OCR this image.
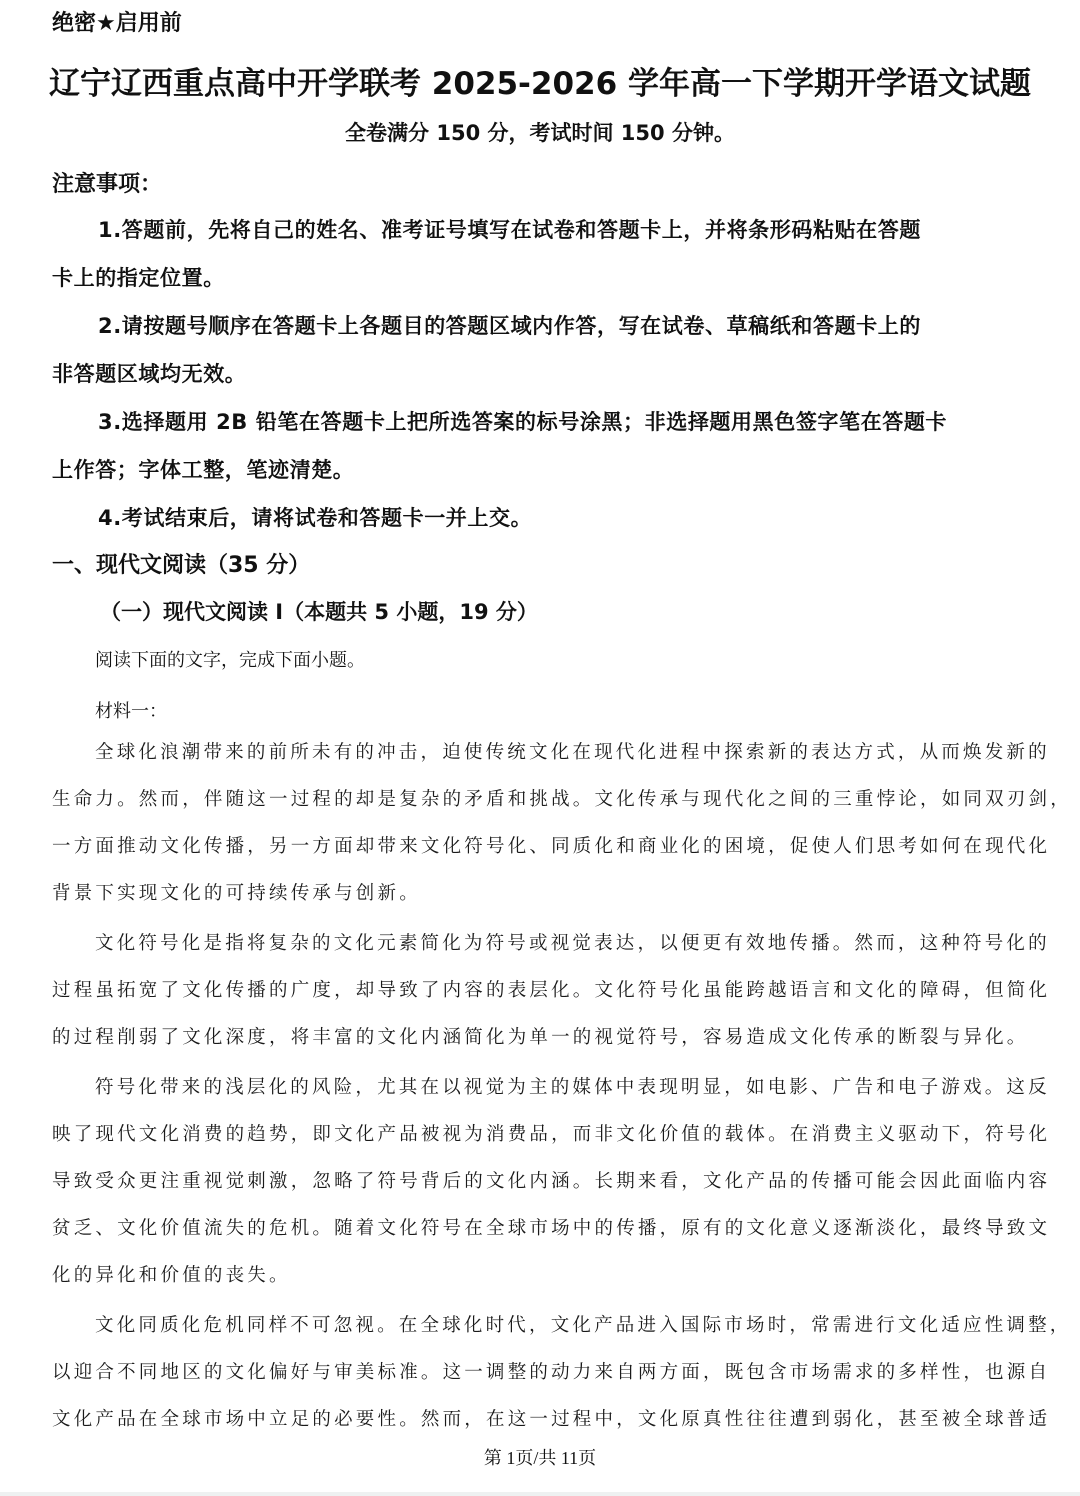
绝密★启用前
辽宁辽西重点高中开学联考 2025-2026 学年高一下学期开学语文试题
全卷满分 150 分，考试时间 150 分钟。
注意事项：
1.答题前，先将自己的姓名、准考证号填写在试卷和答题卡上，并将条形码粘贴在答题
卡上的指定位置。
2.请按题号顺序在答题卡上各题目的答题区域内作答，写在试卷、草稿纸和答题卡上的
非答题区域均无效。
3.选择题用 2B 铅笔在答题卡上把所选答案的标号涂黑；非选择题用黑色签字笔在答题卡
上作答；字体工整，笔迹清楚。
4.考试结束后，请将试卷和答题卡一并上交。
一、现代文阅读（35 分）
（一）现代文阅读 I（本题共 5 小题，19 分）
阅读下面的文字，完成下面小题。
材料一：
全球化浪潮带来的前所未有的冲击，迫使传统文化在现代化进程中探索新的表达方式，从而焕发新的
生命力。然而，伴随这一过程的却是复杂的矛盾和挑战。文化传承与现代化之间的三重悖论，如同双刃剑，
一方面推动文化传播，另一方面却带来文化符号化、同质化和商业化的困境，促使人们思考如何在现代化
背景下实现文化的可持续传承与创新。
文化符号化是指将复杂的文化元素简化为符号或视觉表达，以便更有效地传播。然而，这种符号化的
过程虽拓宽了文化传播的广度，却导致了内容的表层化。文化符号化虽能跨越语言和文化的障碍，但简化
的过程削弱了文化深度，将丰富的文化内涵简化为单一的视觉符号，容易造成文化传承的断裂与异化。
符号化带来的浅层化的风险，尤其在以视觉为主的媒体中表现明显，如电影、广告和电子游戏。这反
映了现代文化消费的趋势，即文化产品被视为消费品，而非文化价值的载体。在消费主义驱动下，符号化
导致受众更注重视觉刺激，忽略了符号背后的文化内涵。长期来看，文化产品的传播可能会因此面临内容
贫乏、文化价值流失的危机。随着文化符号在全球市场中的传播，原有的文化意义逐渐淡化，最终导致文
化的异化和价值的丧失。
文化同质化危机同样不可忽视。在全球化时代，文化产品进入国际市场时，常需进行文化适应性调整，
以迎合不同地区的文化偏好与审美标准。这一调整的动力来自两方面，既包含市场需求的多样性，也源自
文化产品在全球市场中立足的必要性。然而，在这一过程中，文化原真性往往遭到弱化，甚至被全球普适
第 1页/共 11页
